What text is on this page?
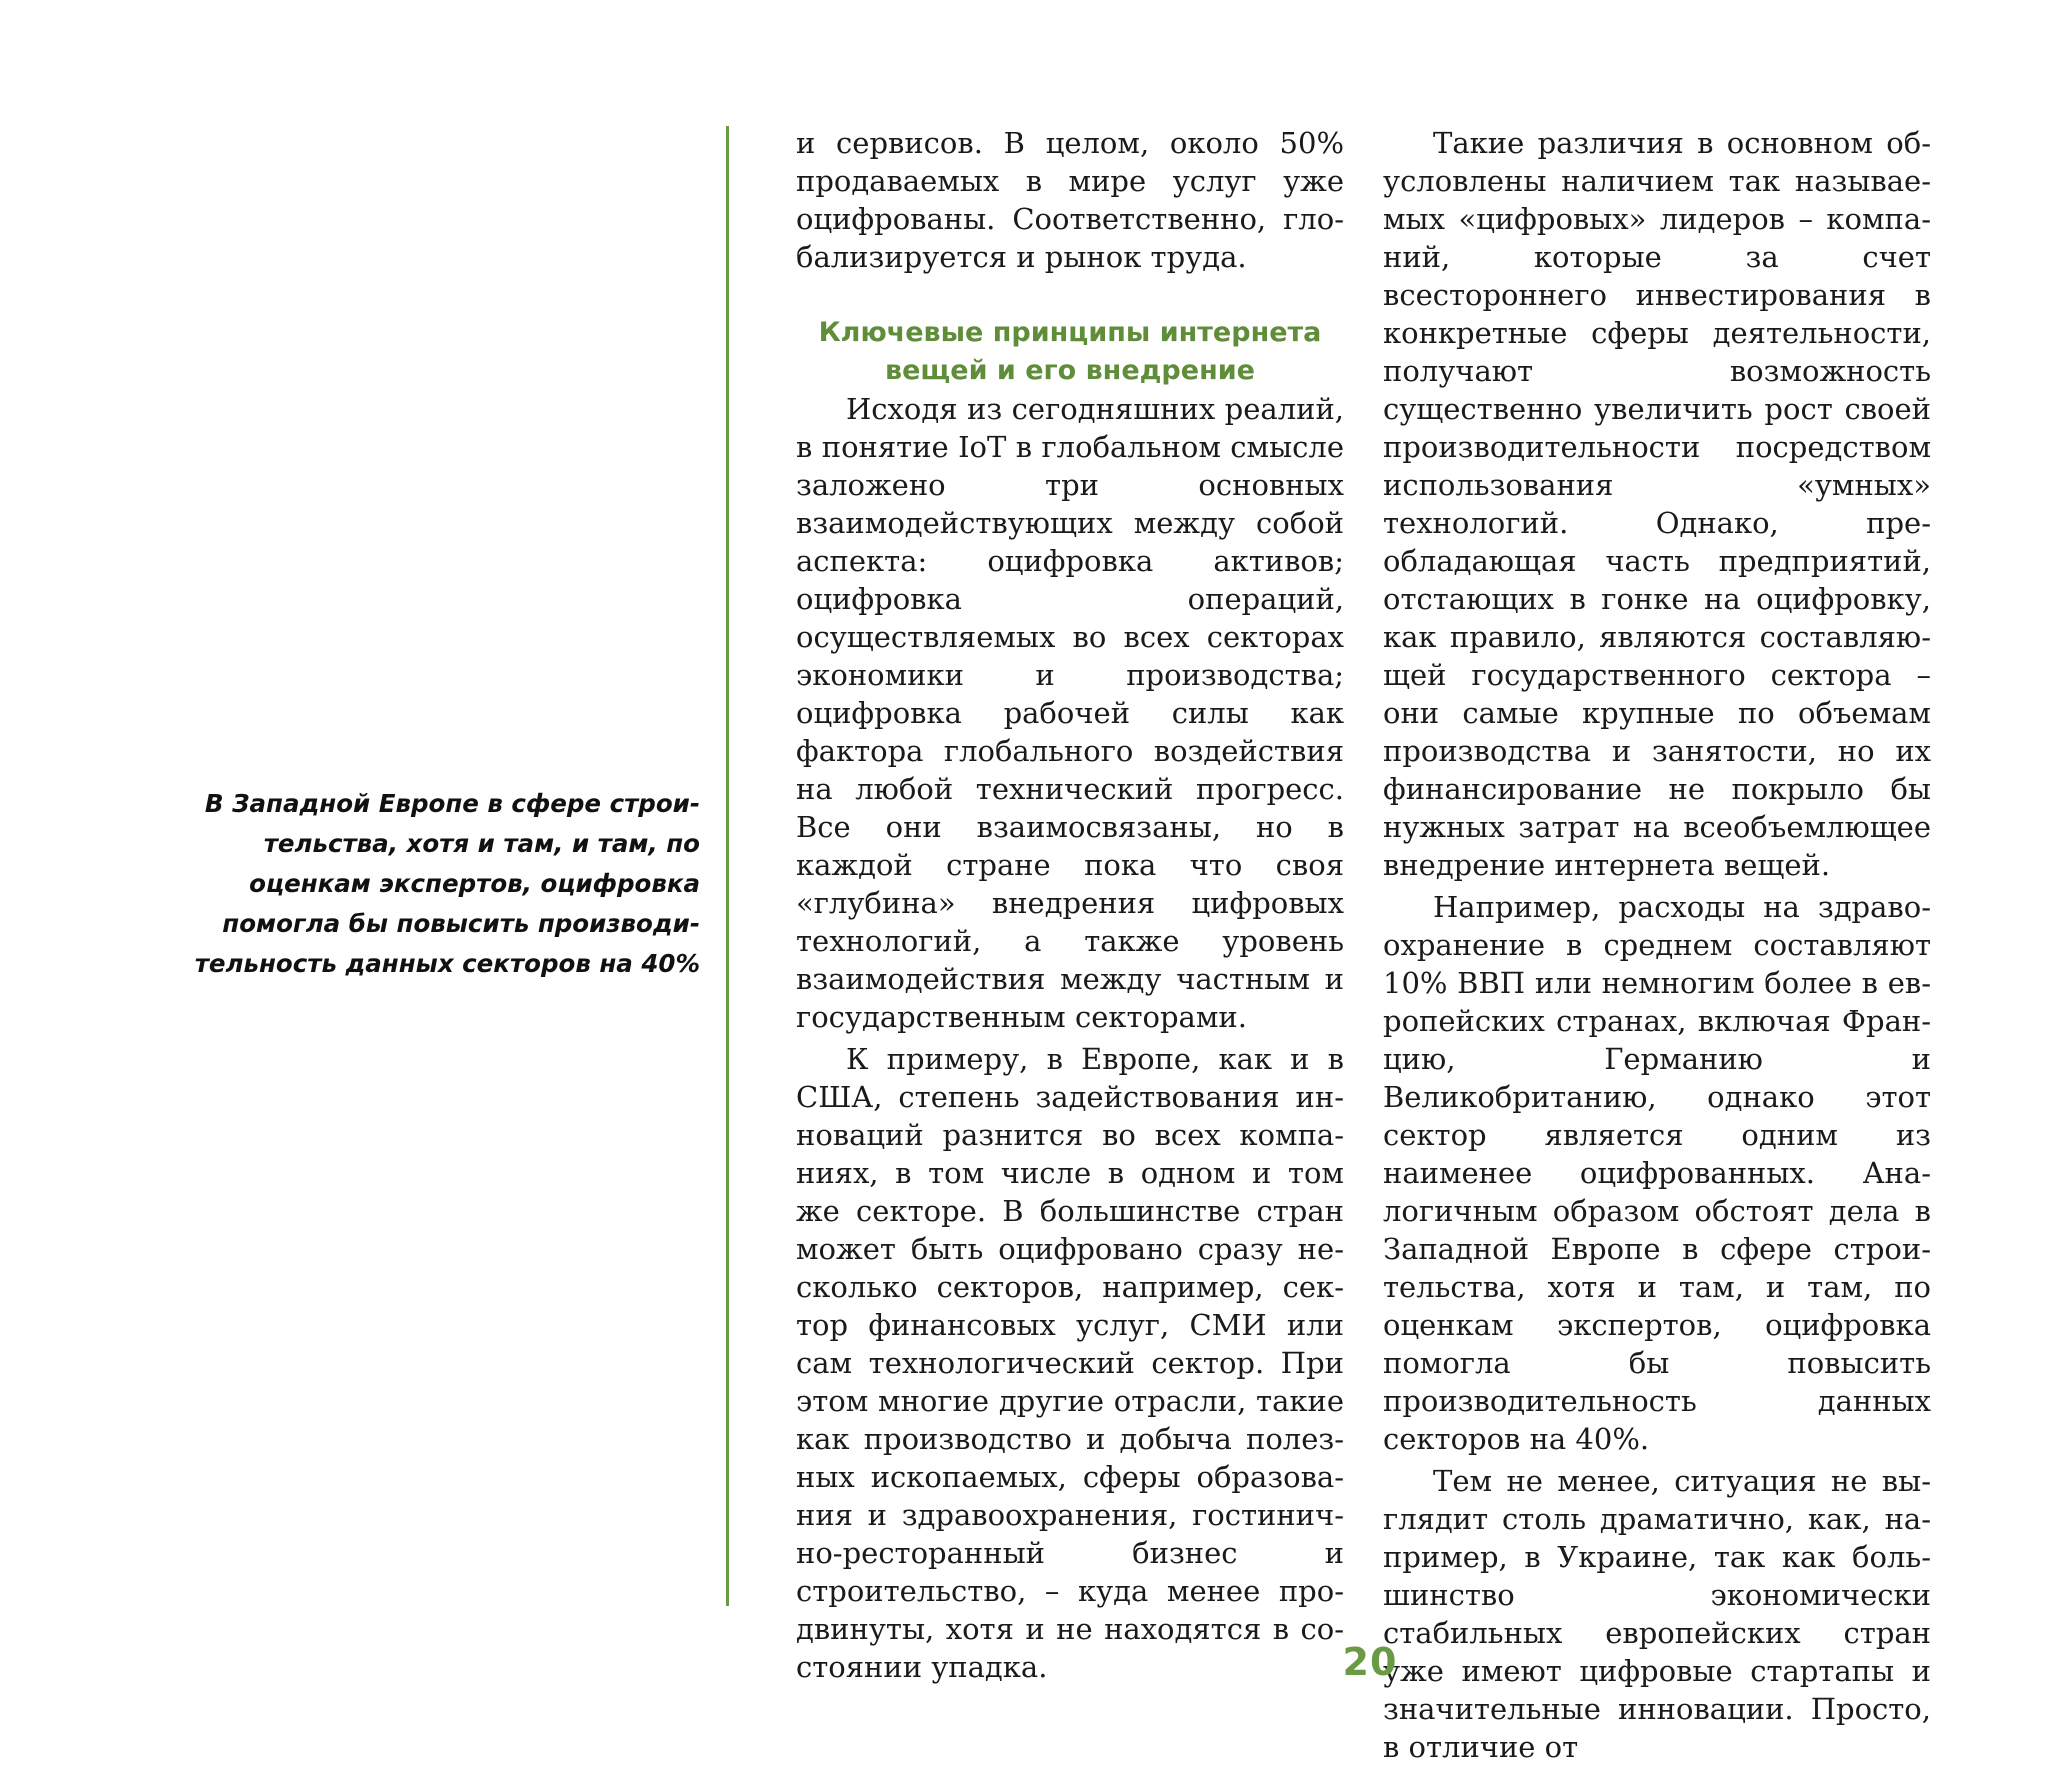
В Западной Европе в сфере строи-
тельства, хотя и там, и там, по
оценкам экспертов, оцифровка
помогла бы повысить производи-
тельность данных секторов на 40%

и сервисов. В целом, около 50% продаваемых в мире услуг уже оцифрованы. Соответственно, глобализируется и рынок труда.

Ключевые принципы интернета
вещей и его внедрение

Исходя из сегодняшних реалий, в понятие IoT в глобальном смысле заложено три основных взаимодействующих между собой аспекта: оцифровка активов; оцифровка операций, осуществляемых во всех секторах экономики и производства; оцифровка рабочей силы как фактора глобального воздействия на любой технический прогресс. Все они взаимосвязаны, но в каждой стране пока что своя «глубина» внедрения цифровых технологий, а также уровень взаимодействия между частным и государственным секторами.

К примеру, в Европе, как и в США, степень задействования инноваций разнится во всех компаниях, в том числе в одном и том же секторе. В большинстве стран может быть оцифровано сразу несколько секторов, например, сектор финансовых услуг, СМИ или сам технологический сектор. При этом многие другие отрасли, такие как производство и добыча полезных ископаемых, сферы образования и здравоохранения, гостинично-ресторанный бизнес и строительство, – куда менее продвинуты, хотя и не находятся в состоянии упадка.

Такие различия в основном обусловлены наличием так называемых «цифровых» лидеров – компаний, которые за счет всестороннего инвестирования в конкретные сферы деятельности, получают возможность существенно увеличить рост своей производительности посредством использования «умных» технологий. Однако, преобладающая часть предприятий, отстающих в гонке на оцифровку, как правило, являются составляющей государственного сектора – они самые крупные по объемам производства и занятости, но их финансирование не покрыло бы нужных затрат на всеобъемлющее внедрение интернета вещей.

Например, расходы на здравоохранение в среднем составляют 10% ВВП или немногим более в европейских странах, включая Францию, Германию и Великобританию, однако этот сектор является одним из наименее оцифрованных. Аналогичным образом обстоят дела в Западной Европе в сфере строительства, хотя и там, и там, по оценкам экспертов, оцифровка помогла бы повысить производительность данных секторов на 40%.

Тем не менее, ситуация не выглядит столь драматично, как, например, в Украине, так как большинство экономически стабильных европейских стран уже имеют цифровые стартапы и значительные инновации. Просто, в отличие от

20
